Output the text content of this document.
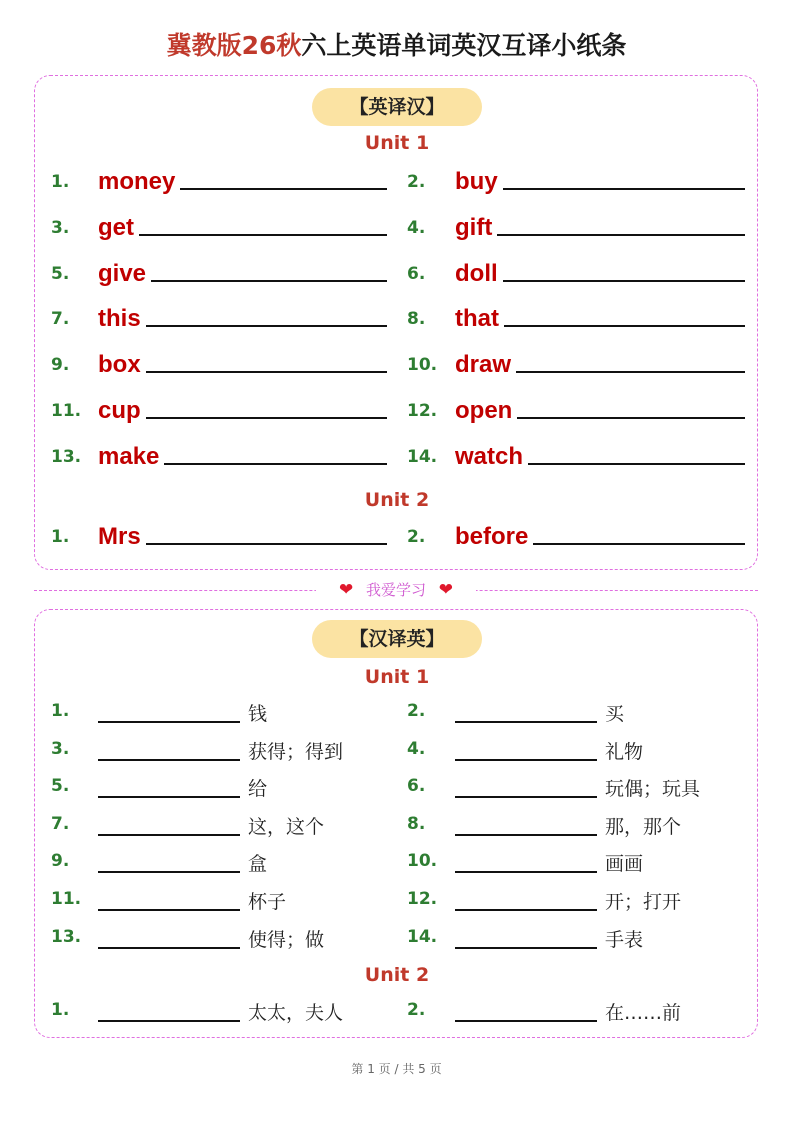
冀教版26秋六上英语单词英汉互译小纸条
【英译汉】
Unit 1
Unit 2
1. money	2. buy
3. get	4. gift
5. give	6. doll
7. this	8. that
9. box	10. draw
11. cup	12. open
13. make	14. watch
1. Mrs	2. before
❤ 我爱学习 ❤
【汉译英】
Unit 1
Unit 2
1.	钱	2.	买
3.	获得；得到	4.	礼物
5.	给	6.	玩偶；玩具
7.	这，这个	8.	那，那个
9.	盒	10.	画画
11.	杯子	12.	开；打开
13.	使得；做	14.	手表
1.	太太，夫人	2.	在……前
第 1 页 / 共 5 页
